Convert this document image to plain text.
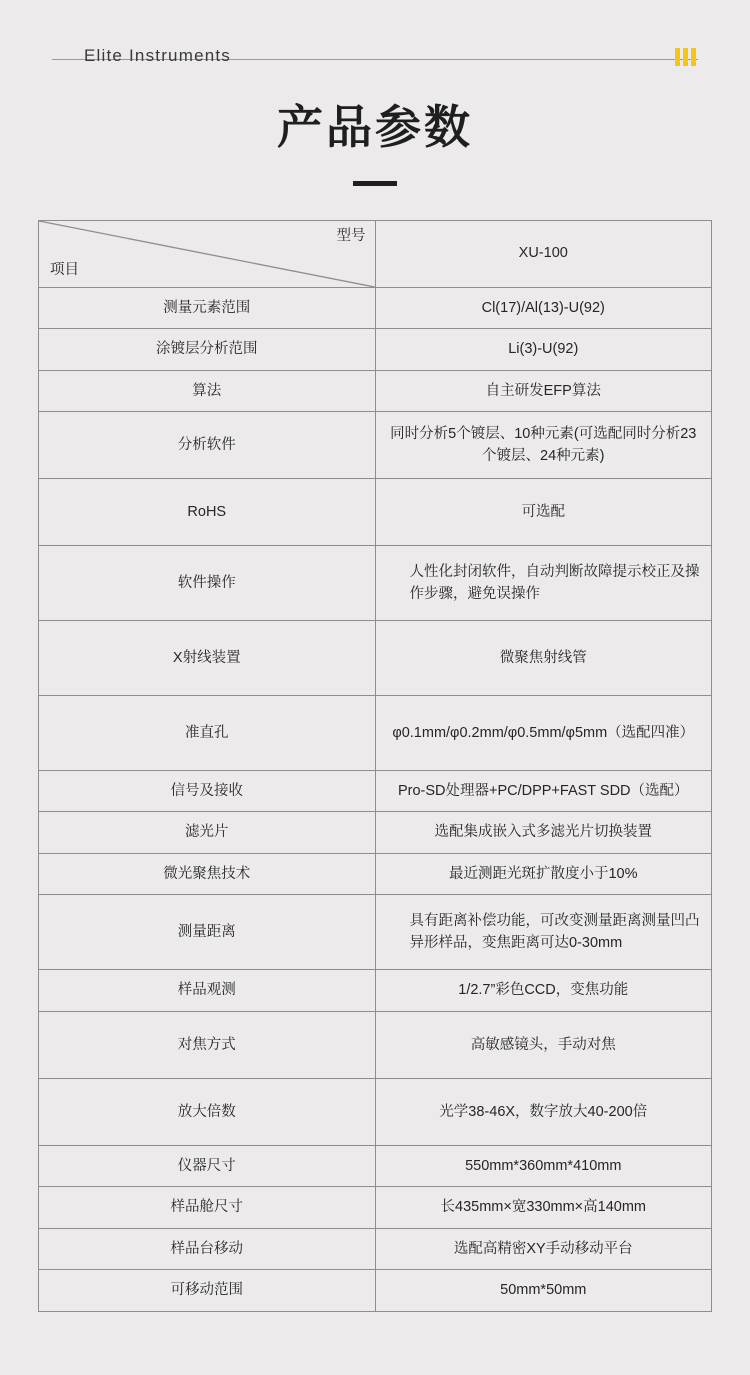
Elite Instruments
产品参数
型号
项目	XU-100
测量元素范围	Cl(17)/Al(13)-U(92)
涂镀层分析范围	Li(3)-U(92)
算法	自主研发EFP算法
分析软件	同时分析5个镀层、10种元素(可选配同时分析23个镀层、24种元素)
RoHS	可选配
软件操作	人性化封闭软件，自动判断故障提示校正及操作步骤，避免误操作
X射线装置	微聚焦射线管
准直孔	φ0.1mm/φ0.2mm/φ0.5mm/φ5mm（选配四准）
信号及接收	Pro-SD处理器+PC/DPP+FAST SDD（选配）
滤光片	选配集成嵌入式多滤光片切换装置
微光聚焦技术	最近测距光斑扩散度小于10%
测量距离	具有距离补偿功能，可改变测量距离测量凹凸异形样品，变焦距离可达0-30mm
样品观测	1/2.7”彩色CCD，变焦功能
对焦方式	高敏感镜头，手动对焦
放大倍数	光学38-46X，数字放大40-200倍
仪器尺寸	550mm*360mm*410mm
样品舱尺寸	长435mm×宽330mm×高140mm
样品台移动	选配高精密XY手动移动平台
可移动范围	50mm*50mm
